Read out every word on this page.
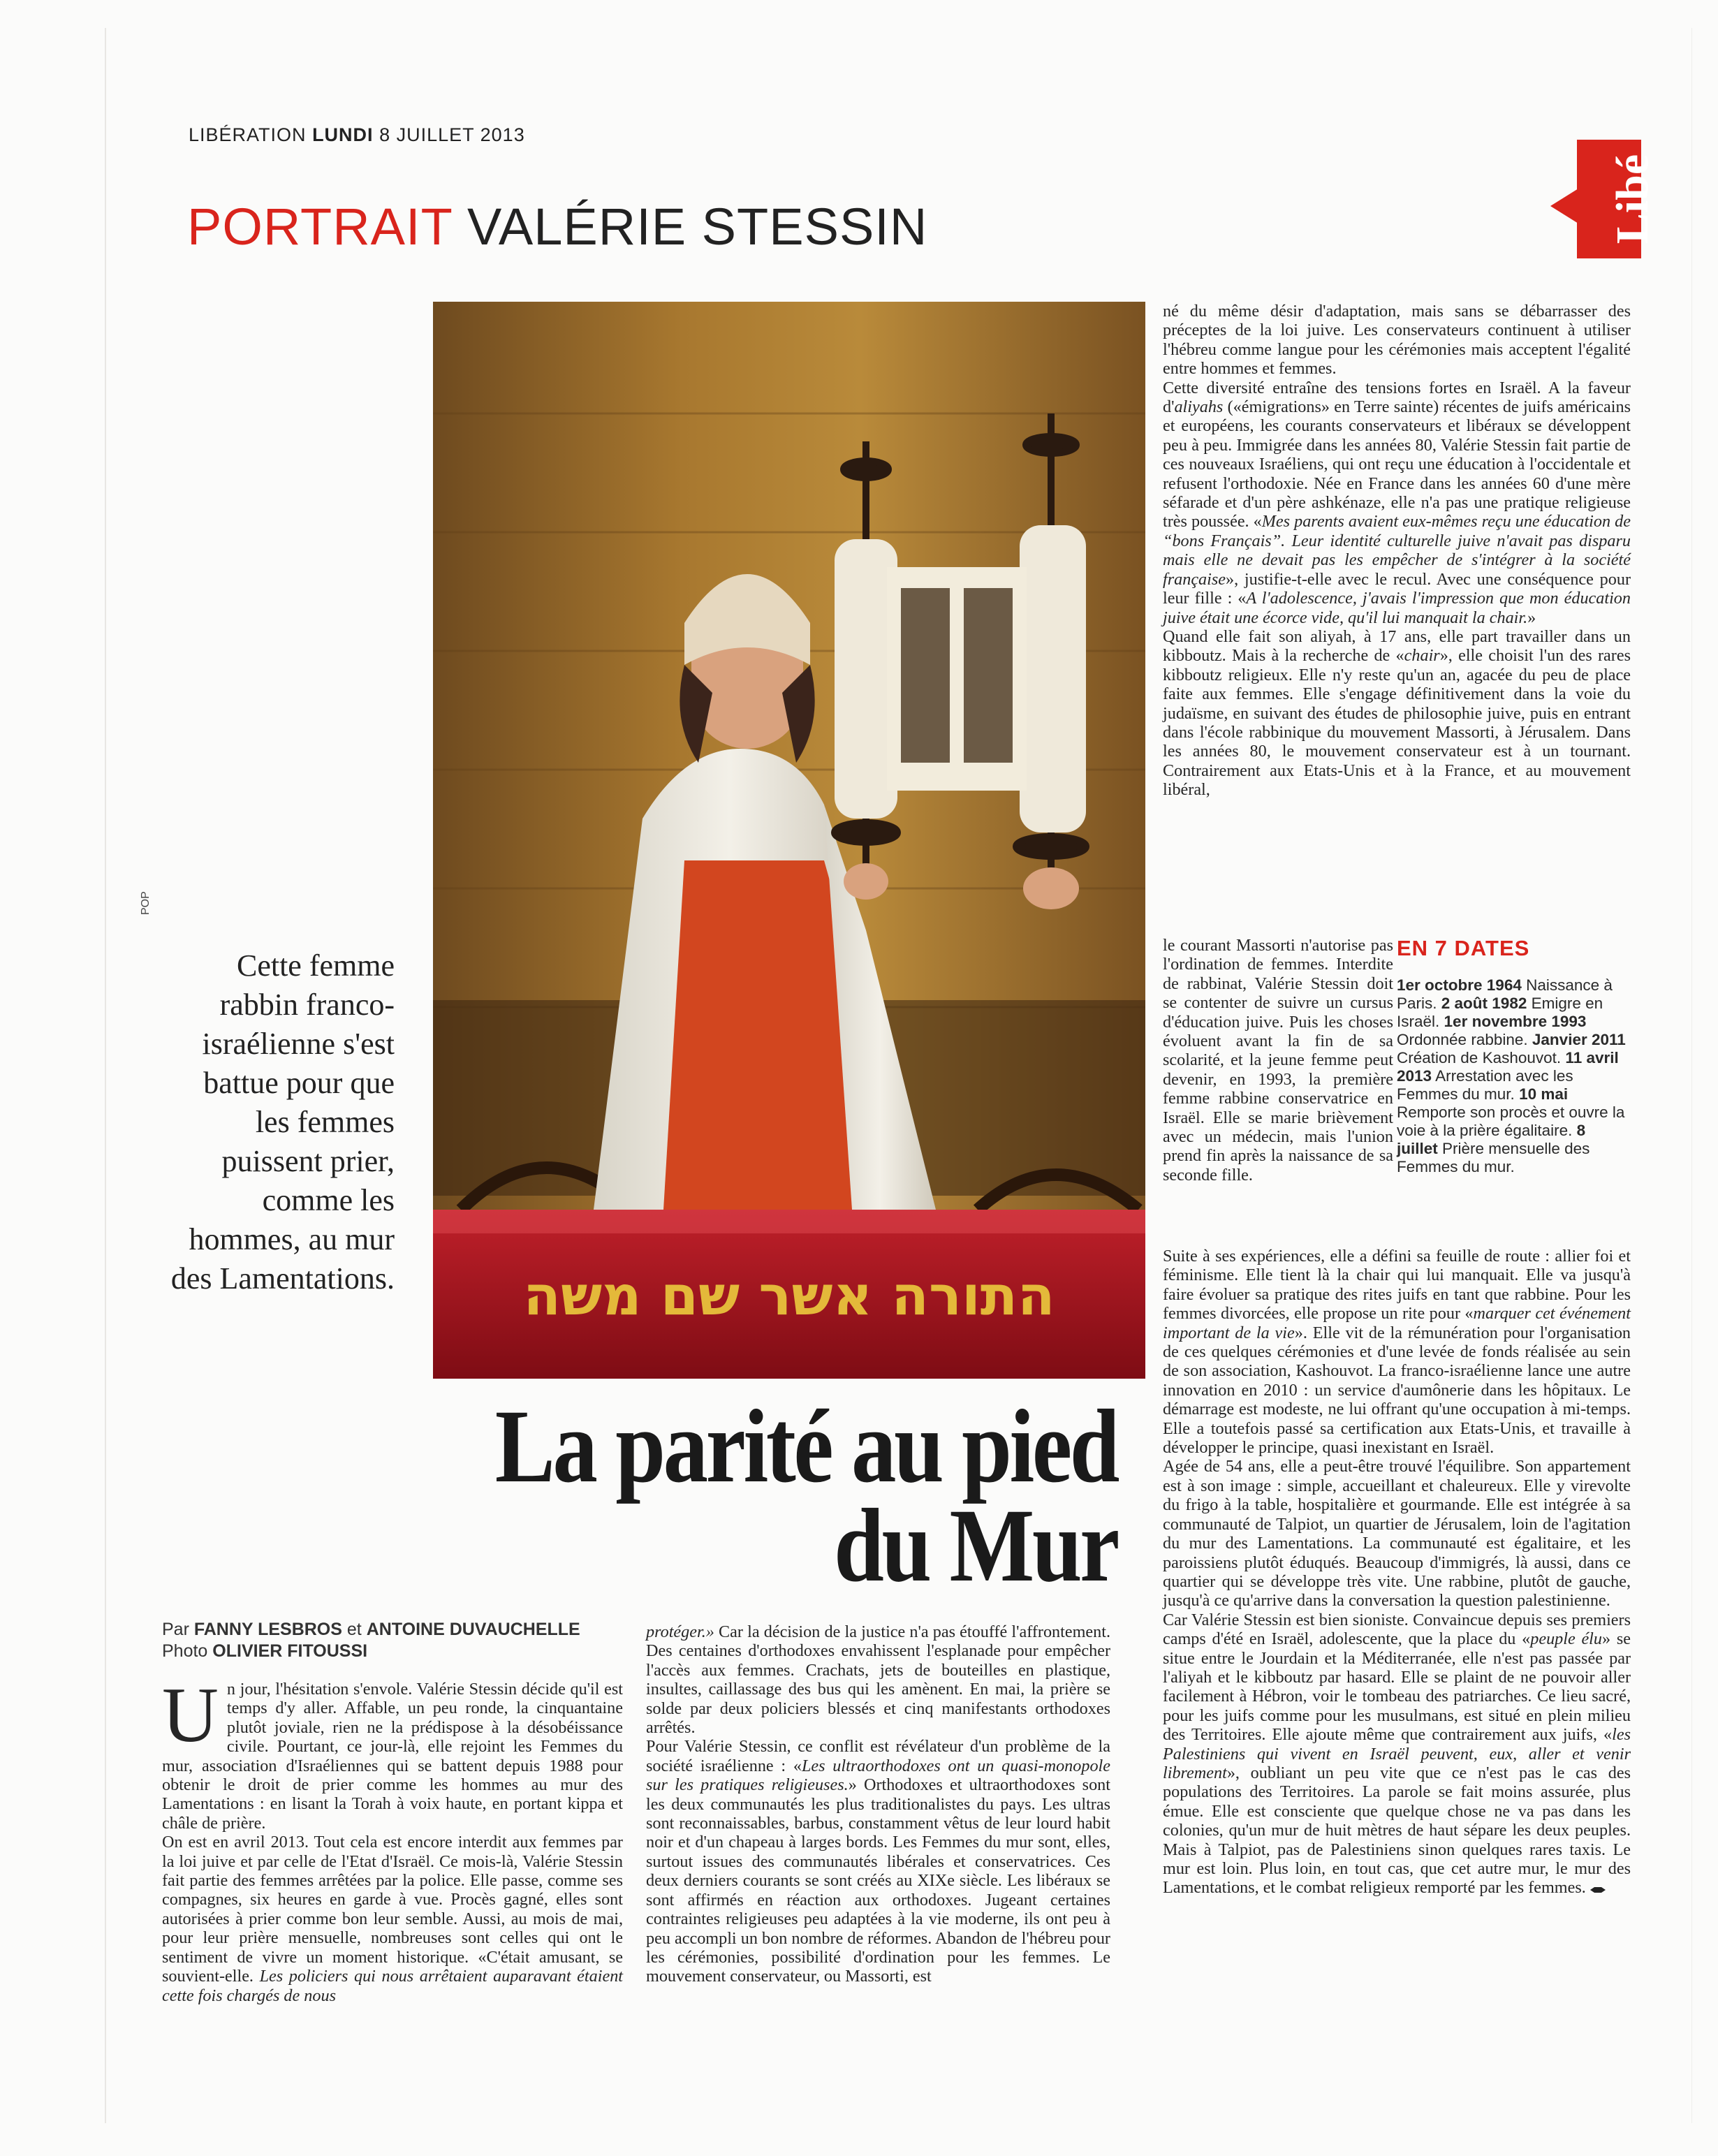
LIBÉRATION LUNDI 8 JUILLET 2013
PORTRAIT VALÉRIE STESSIN	Libé
התורה אשר שם משה
POP
Cette femme rabbin franco-israélienne s'est battue pour que les femmes puissent prier, comme les hommes, au mur des Lamentations.
La parité au pied
du Mur
Par FANNY LESBROS et ANTOINE DUVAUCHELLE
Photo OLIVIER FITOUSSI

Un jour, l'hésitation s'envole. Valérie Stessin décide qu'il est temps d'y aller. Affable, un peu ronde, la cinquantaine plutôt joviale, rien ne la prédispose à la désobéissance civile. Pourtant, ce jour-là, elle rejoint les Femmes du mur, association d'Israéliennes qui se battent depuis 1988 pour obtenir le droit de prier comme les hommes au mur des Lamentations : en lisant la Torah à voix haute, en portant kippa et châle de prière.

On est en avril 2013. Tout cela est encore interdit aux femmes par la loi juive et par celle de l'Etat d'Israël. Ce mois-là, Valérie Stessin fait partie des femmes arrêtées par la police. Elle passe, comme ses compagnes, six heures en garde à vue. Procès gagné, elles sont autorisées à prier comme bon leur semble. Aussi, au mois de mai, pour leur prière mensuelle, nombreuses sont celles qui ont le sentiment de vivre un moment historique. «C'était amusant, se souvient-elle. Les policiers qui nous arrêtaient auparavant étaient cette fois chargés de nous

protéger.» Car la décision de la justice n'a pas étouffé l'affrontement. Des centaines d'orthodoxes envahissent l'esplanade pour empêcher l'accès aux femmes. Crachats, jets de bouteilles en plastique, insultes, caillassage des bus qui les amènent. En mai, la prière se solde par deux policiers blessés et cinq manifestants orthodoxes arrêtés.

Pour Valérie Stessin, ce conflit est révélateur d'un problème de la société israélienne : «Les ultraorthodoxes ont un quasi-monopole sur les pratiques religieuses.» Orthodoxes et ultraorthodoxes sont les deux communautés les plus traditionalistes du pays. Les ultras sont reconnaissables, barbus, constamment vêtus de leur lourd habit noir et d'un chapeau à larges bords. Les Femmes du mur sont, elles, surtout issues des communautés libérales et conservatrices. Ces deux derniers courants se sont créés au XIXe siècle. Les libéraux se sont affirmés en réaction aux orthodoxes. Jugeant certaines contraintes religieuses peu adaptées à la vie moderne, ils ont peu à peu accompli un bon nombre de réformes. Abandon de l'hébreu pour les cérémonies, possibilité d'ordination pour les femmes. Le mouvement conservateur, ou Massorti, est

né du même désir d'adaptation, mais sans se débarrasser des préceptes de la loi juive. Les conservateurs continuent à utiliser l'hébreu comme langue pour les cérémonies mais acceptent l'égalité entre hommes et femmes.

Cette diversité entraîne des tensions fortes en Israël. A la faveur d'aliyahs («émigrations» en Terre sainte) récentes de juifs américains et européens, les courants conservateurs et libéraux se développent peu à peu. Immigrée dans les années 80, Valérie Stessin fait partie de ces nouveaux Israéliens, qui ont reçu une éducation à l'occidentale et refusent l'orthodoxie. Née en France dans les années 60 d'une mère séfarade et d'un père ashkénaze, elle n'a pas une pratique religieuse très poussée. «Mes parents avaient eux-mêmes reçu une éducation de “bons Français”. Leur identité culturelle juive n'avait pas disparu mais elle ne devait pas les empêcher de s'intégrer à la société française», justifie-t-elle avec le recul. Avec une conséquence pour leur fille : «A l'adolescence, j'avais l'impression que mon éducation juive était une écorce vide, qu'il lui manquait la chair.»

Quand elle fait son aliyah, à 17 ans, elle part travailler dans un kibboutz. Mais à la recherche de «chair», elle choisit l'un des rares kibboutz religieux. Elle n'y reste qu'un an, agacée du peu de place faite aux femmes. Elle s'engage définitivement dans la voie du judaïsme, en suivant des études de philosophie juive, puis en entrant dans l'école rabbinique du mouvement Massorti, à Jérusalem. Dans les années 80, le mouvement conservateur est à un tournant. Contrairement aux Etats-Unis et à la France, et au mouvement libéral,

le courant Massorti n'autorise pas l'ordination de femmes. Interdite de rabbinat, Valérie Stessin doit se contenter de suivre un cursus d'éducation juive. Puis les choses évoluent avant la fin de sa scolarité, et la jeune femme peut devenir, en 1993, la première femme rabbine conservatrice en Israël. Elle se marie brièvement avec un médecin, mais l'union prend fin après la naissance de sa seconde fille.

EN 7 DATES
1er octobre 1964 Naissance à Paris. 2 août 1982 Emigre en Israël. 1er novembre 1993 Ordonnée rabbine. Janvier 2011 Création de Kashouvot. 11 avril 2013 Arrestation avec les Femmes du mur. 10 mai Remporte son procès et ouvre la voie à la prière égalitaire. 8 juillet Prière mensuelle des Femmes du mur.

Suite à ses expériences, elle a défini sa feuille de route : allier foi et féminisme. Elle tient là la chair qui lui manquait. Elle va jusqu'à faire évoluer sa pratique des rites juifs en tant que rabbine. Pour les femmes divorcées, elle propose un rite pour «marquer cet événement important de la vie». Elle vit de la rémunération pour l'organisation de ces quelques cérémonies et d'une levée de fonds réalisée au sein de son association, Kashouvot. La franco-israélienne lance une autre innovation en 2010 : un service d'aumônerie dans les hôpitaux. Le démarrage est modeste, ne lui offrant qu'une occupation à mi-temps. Elle a toutefois passé sa certification aux Etats-Unis, et travaille à développer le principe, quasi inexistant en Israël.

Agée de 54 ans, elle a peut-être trouvé l'équilibre. Son appartement est à son image : simple, accueillant et chaleureux. Elle y virevolte du frigo à la table, hospitalière et gourmande. Elle est intégrée à sa communauté de Talpiot, un quartier de Jérusalem, loin de l'agitation du mur des Lamentations. La communauté est égalitaire, et les paroissiens plutôt éduqués. Beaucoup d'immigrés, là aussi, dans ce quartier qui se développe très vite. Une rabbine, plutôt de gauche, jusqu'à ce qu'arrive dans la conversation la question palestinienne.

Car Valérie Stessin est bien sioniste. Convaincue depuis ses premiers camps d'été en Israël, adolescente, que la place du «peuple élu» se situe entre le Jourdain et la Méditerranée, elle n'est pas passée par l'aliyah et le kibboutz par hasard. Elle se plaint de ne pouvoir aller facilement à Hébron, voir le tombeau des patriarches. Ce lieu sacré, pour les juifs comme pour les musulmans, est situé en plein milieu des Territoires. Elle ajoute même que contrairement aux juifs, «les Palestiniens qui vivent en Israël peuvent, eux, aller et venir librement», oubliant un peu vite que ce n'est pas le cas des populations des Territoires. La parole se fait moins assurée, plus émue. Elle est consciente que quelque chose ne va pas dans les colonies, qu'un mur de huit mètres de haut sépare les deux peuples. Mais à Talpiot, pas de Palestiniens sinon quelques rares taxis. Le mur est loin. Plus loin, en tout cas, que cet autre mur, le mur des Lamentations, et le combat religieux remporté par les femmes.
